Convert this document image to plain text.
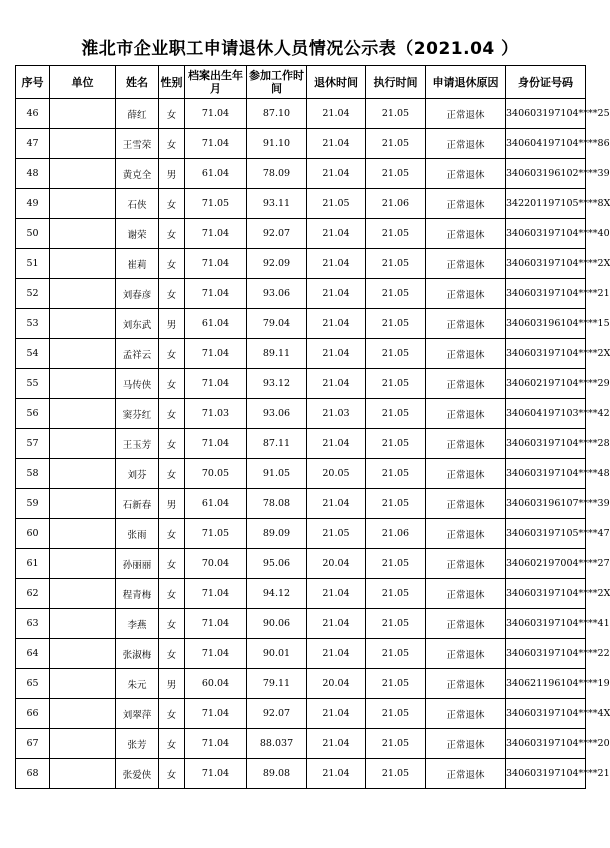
淮北市企业职工申请退休人员情况公示表（2021.04 ）
序号	单位	姓名	性别	档案出生年月	参加工作时间	退休时间	执行时间	申请退休原因	身份证号码
46		薛红	女	71.04	87.10	21.04	21.05	正常退休	340603197104****25
47		王雪荣	女	71.04	91.10	21.04	21.05	正常退休	340604197104****86
48		黄克全	男	61.04	78.09	21.04	21.05	正常退休	340603196102****39
49		石侠	女	71.05	93.11	21.05	21.06	正常退休	342201197105****8X
50		谢荣	女	71.04	92.07	21.04	21.05	正常退休	340603197104****40
51		崔莉	女	71.04	92.09	21.04	21.05	正常退休	340603197104****2X
52		刘春彦	女	71.04	93.06	21.04	21.05	正常退休	340603197104****21
53		刘东武	男	61.04	79.04	21.04	21.05	正常退休	340603196104****15
54		孟祥云	女	71.04	89.11	21.04	21.05	正常退休	340603197104****2X
55		马传侠	女	71.04	93.12	21.04	21.05	正常退休	340602197104****29
56		窦芬红	女	71.03	93.06	21.03	21.05	正常退休	340604197103****42
57		王玉芳	女	71.04	87.11	21.04	21.05	正常退休	340603197104****28
58		刘芬	女	70.05	91.05	20.05	21.05	正常退休	340603197104****48
59		石新春	男	61.04	78.08	21.04	21.05	正常退休	340603196107****39
60		张雨	女	71.05	89.09	21.05	21.06	正常退休	340603197105****47
61		孙丽丽	女	70.04	95.06	20.04	21.05	正常退休	340602197004****27
62		程青梅	女	71.04	94.12	21.04	21.05	正常退休	340603197104****2X
63		李燕	女	71.04	90.06	21.04	21.05	正常退休	340603197104****41
64		张淑梅	女	71.04	90.01	21.04	21.05	正常退休	340603197104****22
65		朱元	男	60.04	79.11	20.04	21.05	正常退休	340621196104****19
66		刘翠萍	女	71.04	92.07	21.04	21.05	正常退休	340603197104****4X
67		张芳	女	71.04	88.037	21.04	21.05	正常退休	340603197104****20
68		张爱侠	女	71.04	89.08	21.04	21.05	正常退休	340603197104****21
